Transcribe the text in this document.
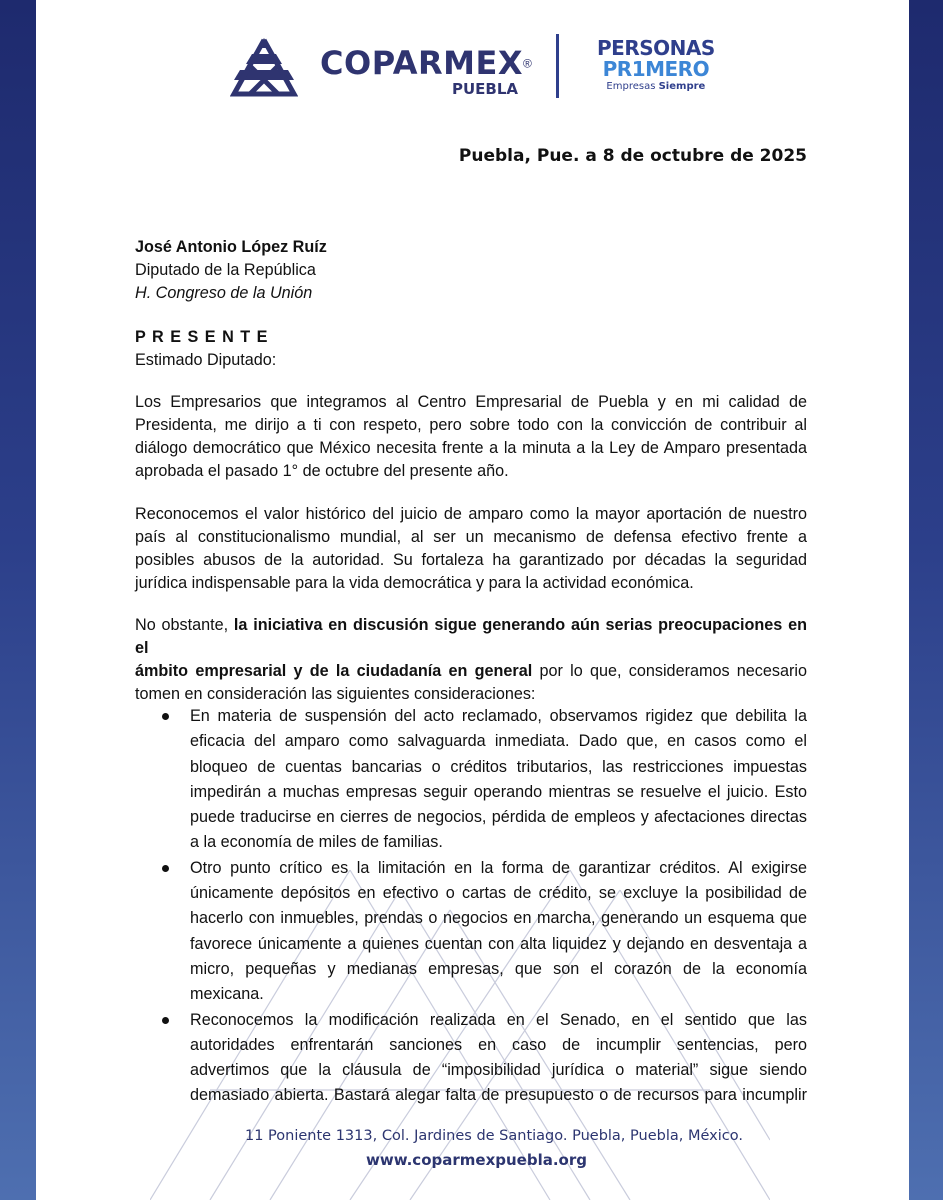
COPARMEX®
PUEBLA
PERSONAS
PR1MERO
Empresas Siempre
Puebla, Pue. a 8 de octubre de 2025
José Antonio López Ruíz
Diputado de la República
H. Congreso de la Unión
P R E S E N T E
Estimado Diputado:
Los Empresarios que integramos al Centro Empresarial de Puebla y en mi calidad de
Presidenta, me dirijo a ti con respeto, pero sobre todo con la convicción de contribuir al
diálogo democrático que México necesita frente a la minuta a la Ley de Amparo presentada
aprobada el pasado 1° de octubre del presente año.
Reconocemos el valor histórico del juicio de amparo como la mayor aportación de nuestro
país al constitucionalismo mundial, al ser un mecanismo de defensa efectivo frente a
posibles abusos de la autoridad. Su fortaleza ha garantizado por décadas la seguridad
jurídica indispensable para la vida democrática y para la actividad económica.
No obstante, la iniciativa en discusión sigue generando aún serias preocupaciones en el
ámbito empresarial y de la ciudadanía en general por lo que, consideramos necesario
tomen en consideración las siguientes consideraciones:
En materia de suspensión del acto reclamado, observamos rigidez que debilita la
eficacia del amparo como salvaguarda inmediata. Dado que, en casos como el
bloqueo de cuentas bancarias o créditos tributarios, las restricciones impuestas
impedirán a muchas empresas seguir operando mientras se resuelve el juicio. Esto
puede traducirse en cierres de negocios, pérdida de empleos y afectaciones directas
a la economía de miles de familias.
Otro punto crítico es la limitación en la forma de garantizar créditos. Al exigirse
únicamente depósitos en efectivo o cartas de crédito, se excluye la posibilidad de
hacerlo con inmuebles, prendas o negocios en marcha, generando un esquema que
favorece únicamente a quienes cuentan con alta liquidez y dejando en desventaja a
micro, pequeñas y medianas empresas, que son el corazón de la economía mexicana.
Reconocemos la modificación realizada en el Senado, en el sentido que las
autoridades enfrentarán sanciones en caso de incumplir sentencias, pero
advertimos que la cláusula de “imposibilidad jurídica o material” sigue siendo
demasiado abierta. Bastará alegar falta de presupuesto o de recursos para incumplir
11 Poniente 1313, Col. Jardines de Santiago. Puebla, Puebla, México.
www.coparmexpuebla.org
